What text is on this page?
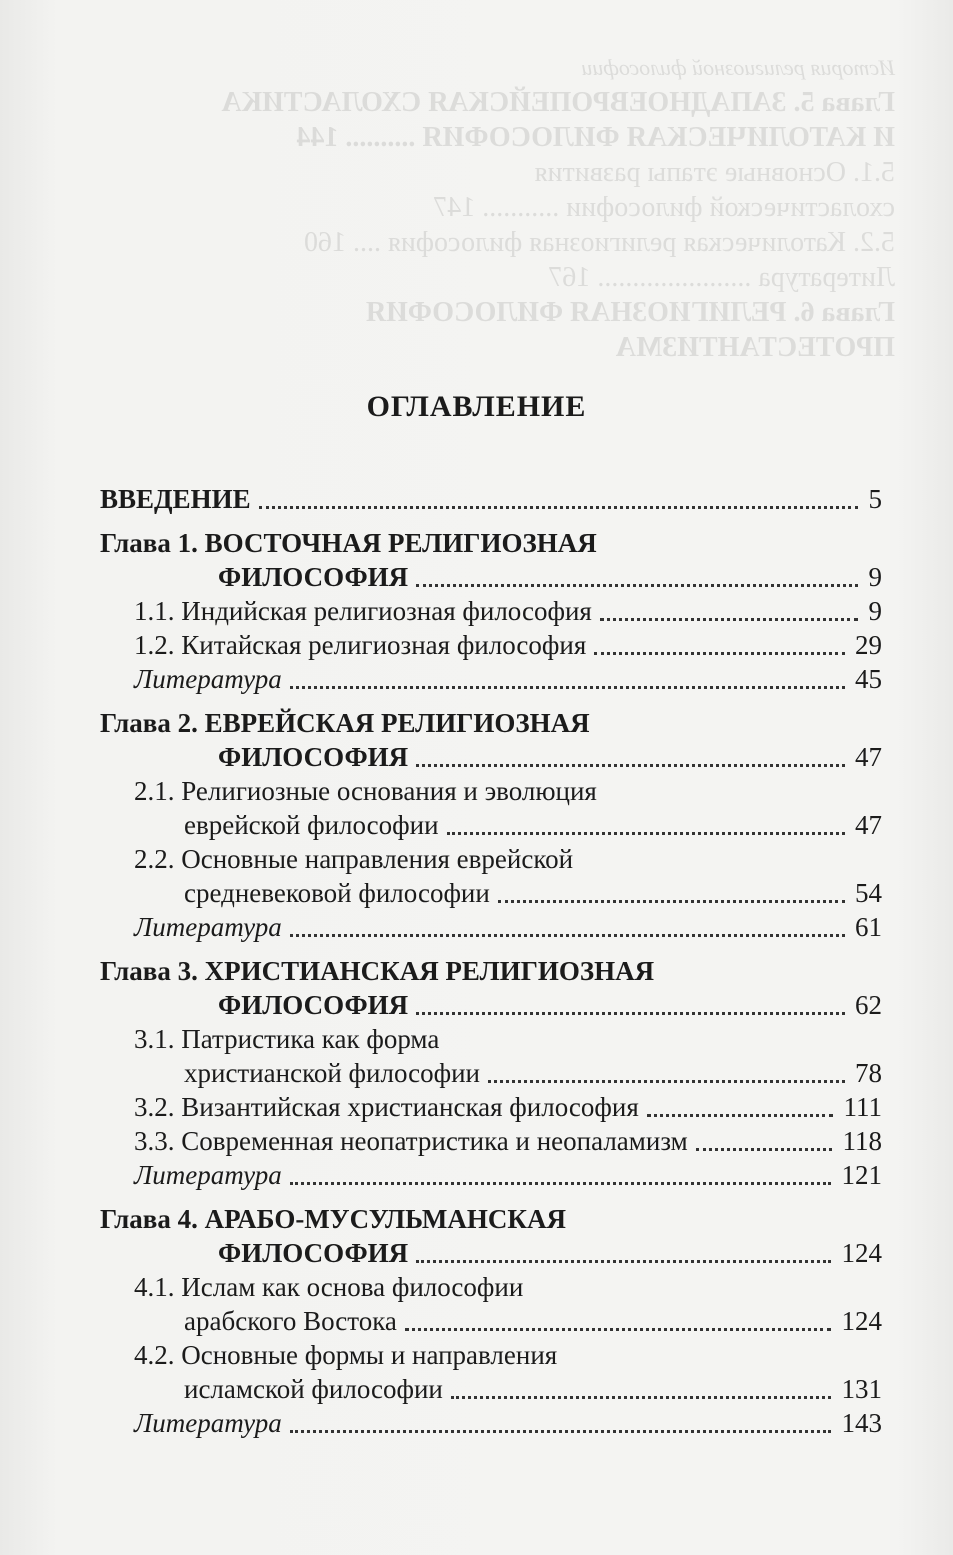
История религиозной философии
Глава 5. ЗАПАДНОЕВРОПЕЙСКАЯ СХОЛАСТИКА
И КАТОЛИЧЕСКАЯ ФИЛОСОФИЯ .......... 144
5.1. Основные этапы развития
схоластической философии ........... 147
5.2. Католическая религиозная философия .... 160
Литература ...................... 167
Глава 6. РЕЛИГИОЗНАЯ ФИЛОСОФИЯ
ПРОТЕСТАНТИЗМА
ОГЛАВЛЕНИЕ
ВВЕДЕНИЕ	5
Глава 1. ВОСТОЧНАЯ РЕЛИГИОЗНАЯ
ФИЛОСОФИЯ	9
1.1. Индийская религиозная философия	9
1.2. Китайская религиозная философия	29
Литература	45
Глава 2. ЕВРЕЙСКАЯ РЕЛИГИОЗНАЯ
ФИЛОСОФИЯ	47
2.1. Религиозные основания и эволюция
еврейской философии	47
2.2. Основные направления еврейской
средневековой философии	54
Литература	61
Глава 3. ХРИСТИАНСКАЯ РЕЛИГИОЗНАЯ
ФИЛОСОФИЯ	62
3.1. Патристика как форма
христианской философии	78
3.2. Византийская христианская философия	111
3.3. Современная неопатристика и неопаламизм	118
Литература	121
Глава 4. АРАБО-МУСУЛЬМАНСКАЯ
ФИЛОСОФИЯ	124
4.1. Ислам как основа философии
арабского Востока	124
4.2. Основные формы и направления
исламской философии	131
Литература	143
